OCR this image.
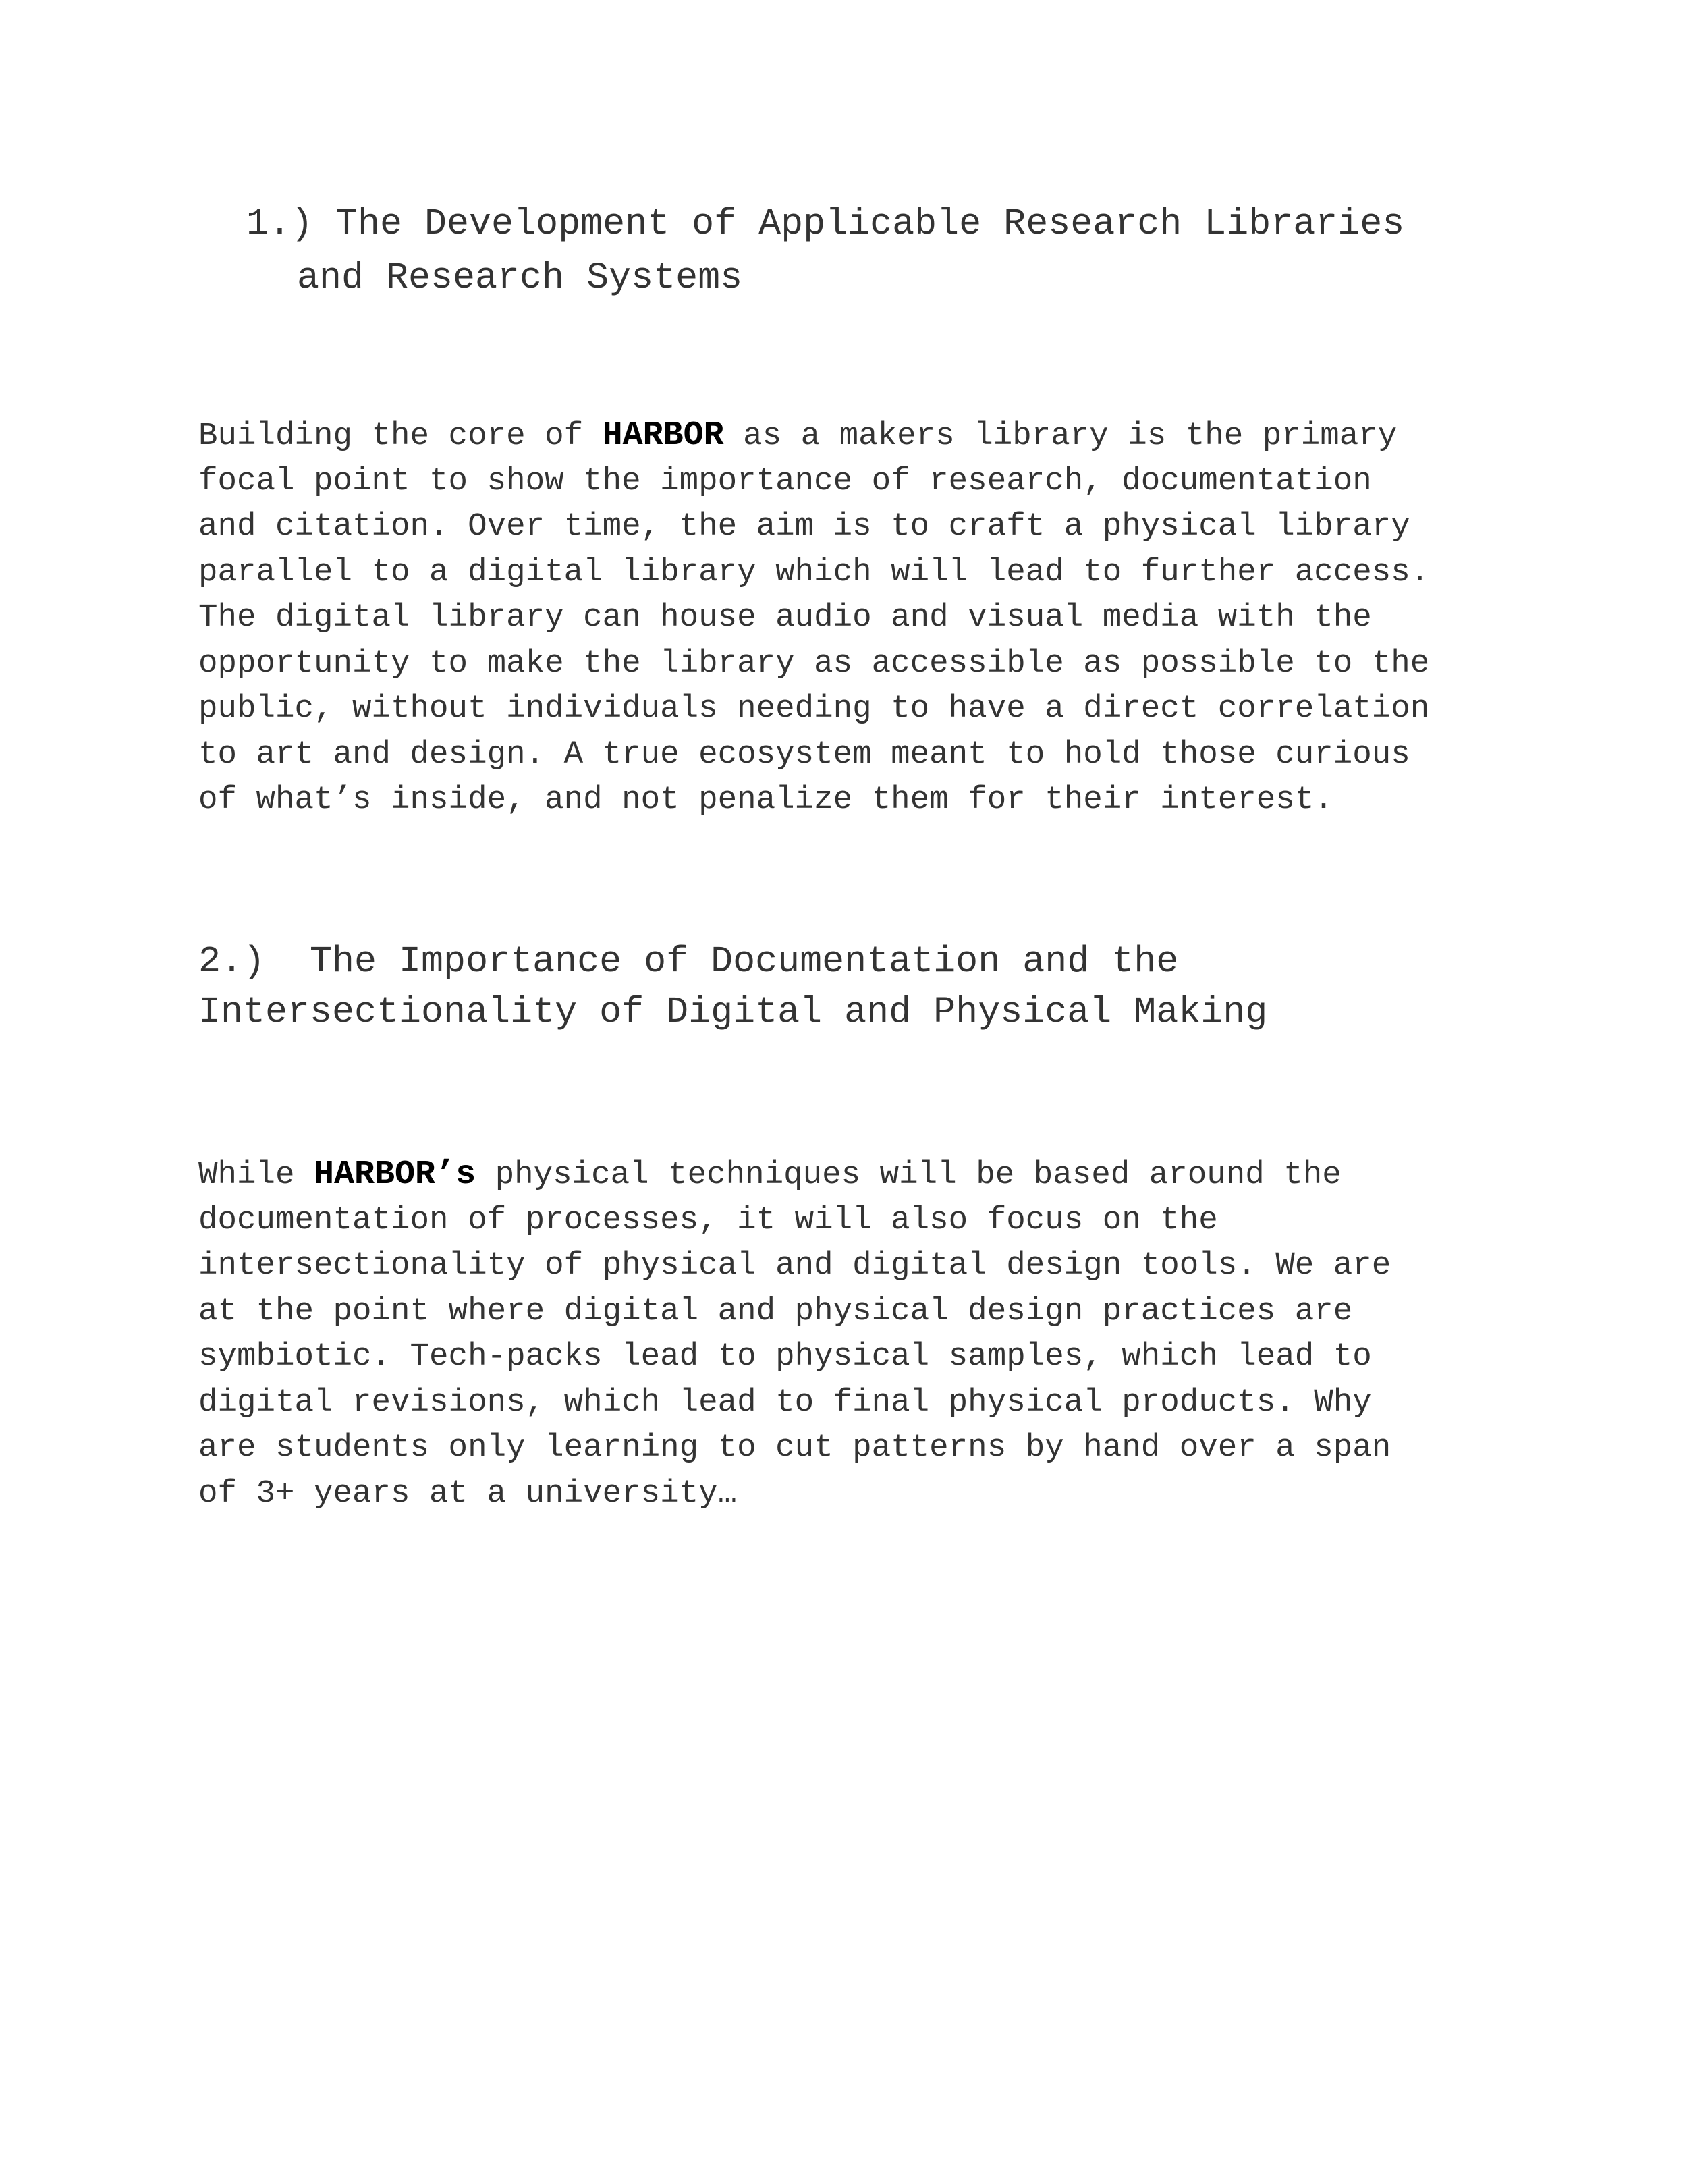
1.) The Development of Applicable Research Libraries
and Research Systems
Building the core of HARBOR as a makers library is the primary
focal point to show the importance of research, documentation
and citation. Over time, the aim is to craft a physical library
parallel to a digital library which will lead to further access.
The digital library can house audio and visual media with the
opportunity to make the library as accessible as possible to the
public, without individuals needing to have a direct correlation
to art and design. A true ecosystem meant to hold those curious
of what’s inside, and not penalize them for their interest.
2.)  The Importance of Documentation and the
Intersectionality of Digital and Physical Making
While HARBOR’s physical techniques will be based around the
documentation of processes, it will also focus on the
intersectionality of physical and digital design tools. We are
at the point where digital and physical design practices are
symbiotic. Tech-packs lead to physical samples, which lead to
digital revisions, which lead to final physical products. Why
are students only learning to cut patterns by hand over a span
of 3+ years at a university…
